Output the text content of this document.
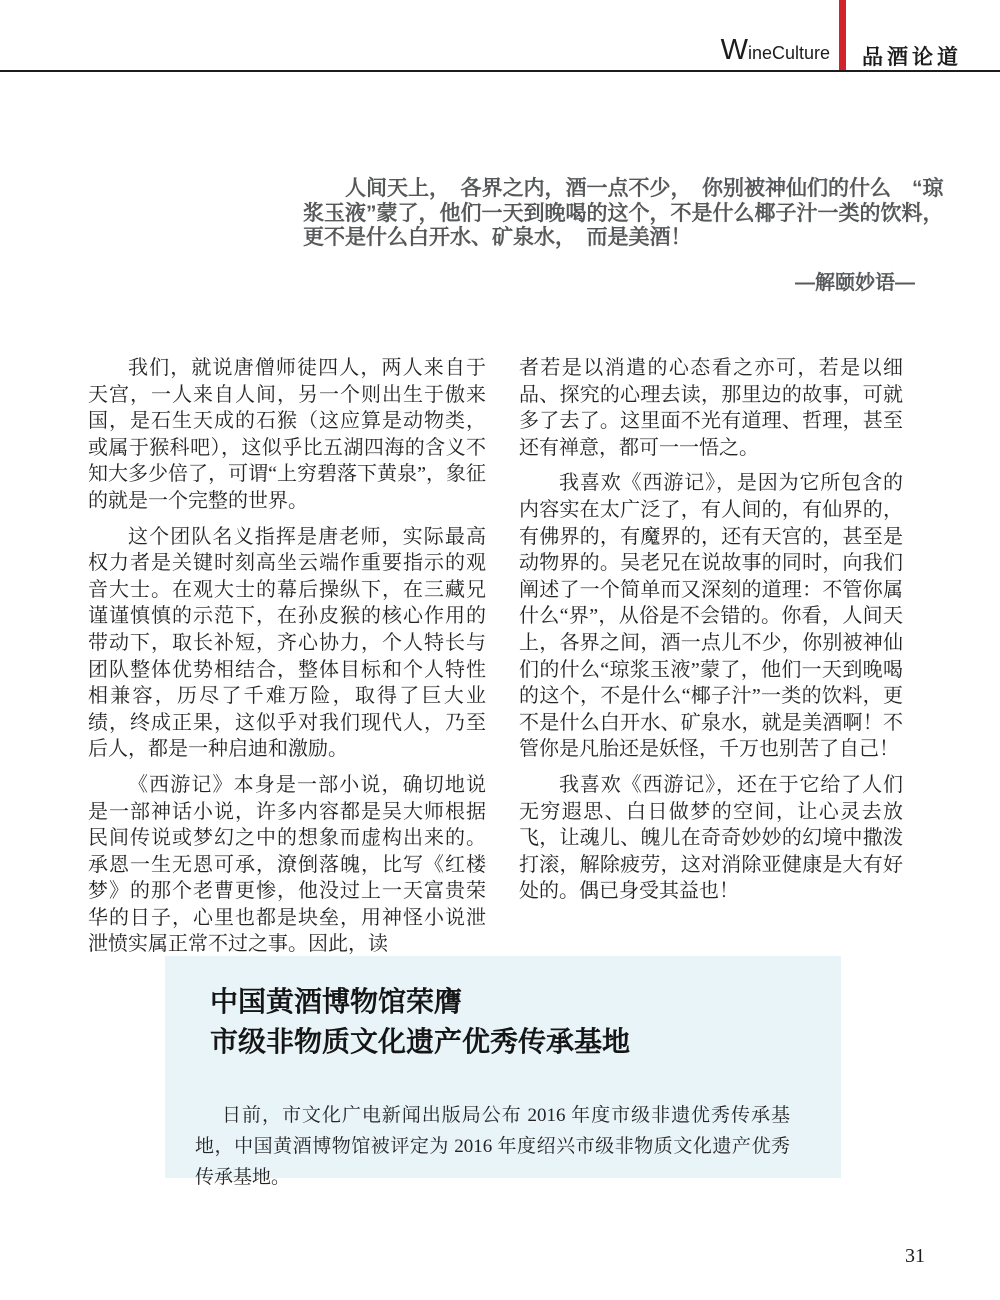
WineCulture 品酒论道
人间天上，　各界之内，酒一点不少，　你别被神仙们的什么　“琼
浆玉液”蒙了，他们一天到晚喝的这个，不是什么椰子汁一类的饮料，
更不是什么白开水、矿泉水，　而是美酒！
—解颐妙语—

我们，就说唐僧师徒四人，两人来自于天宫，一人来自人间，另一个则出生于傲来国，是石生天成的石猴（这应算是动物类，或属于猴科吧），这似乎比五湖四海的含义不知大多少倍了，可谓“上穷碧落下黄泉”，象征的就是一个完整的世界。

这个团队名义指挥是唐老师，实际最高权力者是关键时刻高坐云端作重要指示的观音大士。在观大士的幕后操纵下，在三藏兄谨谨慎慎的示范下，在孙皮猴的核心作用的带动下，取长补短，齐心协力，个人特长与团队整体优势相结合，整体目标和个人特性相兼容，历尽了千难万险，取得了巨大业绩，终成正果，这似乎对我们现代人，乃至后人，都是一种启迪和激励。

《西游记》本身是一部小说，确切地说是一部神话小说，许多内容都是吴大师根据民间传说或梦幻之中的想象而虚构出来的。承恩一生无恩可承，潦倒落魄，比写《红楼梦》的那个老曹更惨，他没过上一天富贵荣华的日子，心里也都是块垒，用神怪小说泄泄愤实属正常不过之事。因此，读

者若是以消遣的心态看之亦可，若是以细品、探究的心理去读，那里边的故事，可就多了去了。这里面不光有道理、哲理，甚至还有禅意，都可一一悟之。

我喜欢《西游记》，是因为它所包含的内容实在太广泛了，有人间的，有仙界的，有佛界的，有魔界的，还有天宫的，甚至是动物界的。吴老兄在说故事的同时，向我们阐述了一个简单而又深刻的道理：不管你属什么“界”，从俗是不会错的。你看，人间天上，各界之间，酒一点儿不少，你别被神仙们的什么“琼浆玉液”蒙了，他们一天到晚喝的这个，不是什么“椰子汁”一类的饮料，更不是什么白开水、矿泉水，就是美酒啊！不管你是凡胎还是妖怪，千万也别苦了自己！

我喜欢《西游记》，还在于它给了人们无穷遐思、白日做梦的空间，让心灵去放飞，让魂儿、魄儿在奇奇妙妙的幻境中撒泼打滚，解除疲劳，这对消除亚健康是大有好处的。偶已身受其益也！

中国黄酒博物馆荣膺
市级非物质文化遗产优秀传承基地
日前，市文化广电新闻出版局公布 2016 年度市级非遗优秀传承基地，中国黄酒博物馆被评定为 2016 年度绍兴市级非物质文化遗产优秀传承基地。
31
